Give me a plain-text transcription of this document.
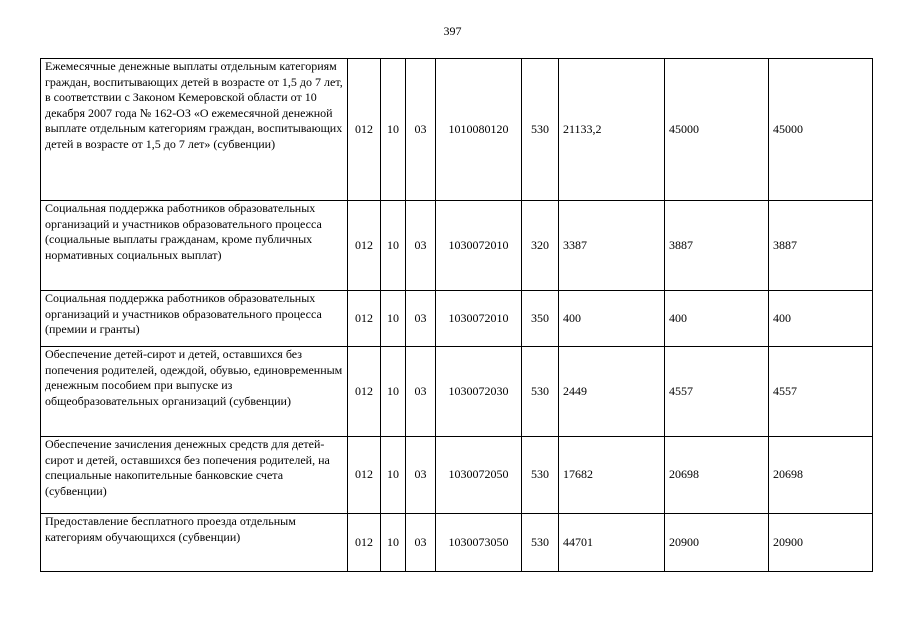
397
Ежемесячные денежные выплаты отдельным категориям граждан, воспитывающих детей в возрасте от 1,5 до 7 лет, в соответствии с Законом Кемеровской области от 10 декабря 2007 года № 162-ОЗ «О ежемесячной денежной выплате отдельным категориям граждан, воспитывающих детей в возрасте от 1,5 до 7 лет» (субвенции)	012	10	03	1010080120	530	21133,2	45000	45000
Социальная поддержка работников образовательных организаций и участников образовательного процесса (социальные выплаты гражданам, кроме публичных нормативных социальных выплат)	012	10	03	1030072010	320	3387	3887	3887
Социальная поддержка работников образовательных организаций и участников образовательного процесса (премии и гранты)	012	10	03	1030072010	350	400	400	400
Обеспечение детей-сирот и детей, оставшихся без попечения родителей, одеждой, обувью, единовременным денежным пособием при выпуске из общеобразовательных организаций (субвенции)	012	10	03	1030072030	530	2449	4557	4557
Обеспечение зачисления денежных средств для детей-сирот и детей, оставшихся без попечения родителей, на специальные накопительные банковские счета (субвенции)	012	10	03	1030072050	530	17682	20698	20698
Предоставление бесплатного проезда отдельным категориям обучающихся (субвенции)	012	10	03	1030073050	530	44701	20900	20900
